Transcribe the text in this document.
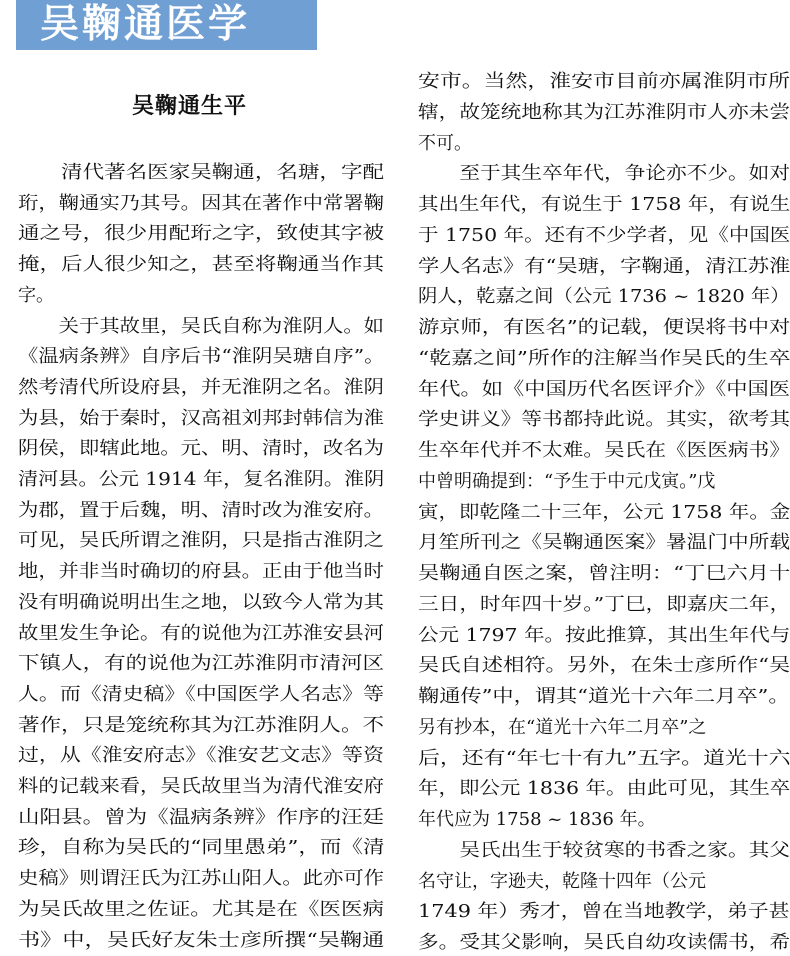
吴鞠通医学
吴鞠通生平
　　清代著名医家吴鞠通，名瑭，字配
珩，鞠通实乃其号。因其在著作中常署鞠
通之号，很少用配珩之字，致使其字被
掩，后人很少知之，甚至将鞠通当作其
字。
　　关于其故里，吴氏自称为淮阴人。如
《温病条辨》自序后书“淮阴吴瑭自序”。
然考清代所设府县，并无淮阴之名。淮阴
为县，始于秦时，汉高祖刘邦封韩信为淮
阴侯，即辖此地。元、明、清时，改名为
清河县。公元 1914 年，复名淮阴。淮阴
为郡，置于后魏，明、清时改为淮安府。
可见，吴氏所谓之淮阴，只是指古淮阴之
地，并非当时确切的府县。正由于他当时
没有明确说明出生之地，以致今人常为其
故里发生争论。有的说他为江苏淮安县河
下镇人，有的说他为江苏淮阴市清河区
人。而《清史稿》《中国医学人名志》等
著作，只是笼统称其为江苏淮阴人。不
过，从《淮安府志》《淮安艺文志》等资
料的记载来看，吴氏故里当为清代淮安府
山阳县。曾为《温病条辨》作序的汪廷
珍，自称为吴氏的“同里愚弟”，而《清
史稿》则谓汪氏为江苏山阳人。此亦可作
为吴氏故里之佐证。尤其是在《医医病
书》中，吴氏好友朱士彦所撰“吴鞠通
安市。当然，淮安市目前亦属淮阴市所
辖，故笼统地称其为江苏淮阴市人亦未尝
不可。
　　至于其生卒年代，争论亦不少。如对
其出生年代，有说生于 1758 年，有说生
于 1750 年。还有不少学者，见《中国医
学人名志》有“吴瑭，字鞠通，清江苏淮
阴人，乾嘉之间（公元 1736 ~ 1820 年）
游京师，有医名”的记载，便误将书中对
“乾嘉之间”所作的注解当作吴氏的生卒
年代。如《中国历代名医评介》《中国医
学史讲义》等书都持此说。其实，欲考其
生卒年代并不太难。吴氏在《医医病书》
中曾明确提到：“予生于中元戊寅。”戊
寅，即乾隆二十三年，公元 1758 年。金
月笙所刊之《吴鞠通医案》暑温门中所载
吴鞠通自医之案，曾注明：“丁巳六月十
三日，时年四十岁。”丁巳，即嘉庆二年，
公元 1797 年。按此推算，其出生年代与
吴氏自述相符。另外，在朱士彦所作“吴
鞠通传”中，谓其“道光十六年二月卒”。
另有抄本，在“道光十六年二月卒”之
后，还有“年七十有九”五字。道光十六
年，即公元 1836 年。由此可见，其生卒
年代应为 1758 ~ 1836 年。
　　吴氏出生于较贫寒的书香之家。其父
名守让，字逊夫，乾隆十四年（公元
1749 年）秀才，曾在当地教学，弟子甚
多。受其父影响，吴氏自幼攻读儒书，希
